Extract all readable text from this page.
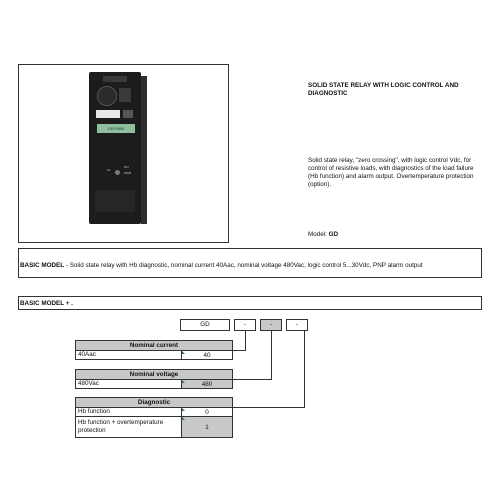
AL
ON
PWR
GEFRAN
SOLID STATE RELAY WITH LOGIC CONTROL AND DIAGNOSTIC
Solid state relay, "zero crossing", with logic control Vdc, for control of resistive loads, with diagnostics of the load failure (Hb function) and alarm output. Overtemperature protection (option).
Model: GD
BASIC MODEL - Solid state relay with Hb diagnostic, nominal current 40Aac, nominal voltage 480Vac, logic control 5...30Vdc, PNP alarm output
BASIC MODEL + .
GD	-	-	-
Nominal current
40Aac	40
Nominal voltage
480Vac	480
Diagnostic
Hb function	0
Hb function + overtemperature protection	1
